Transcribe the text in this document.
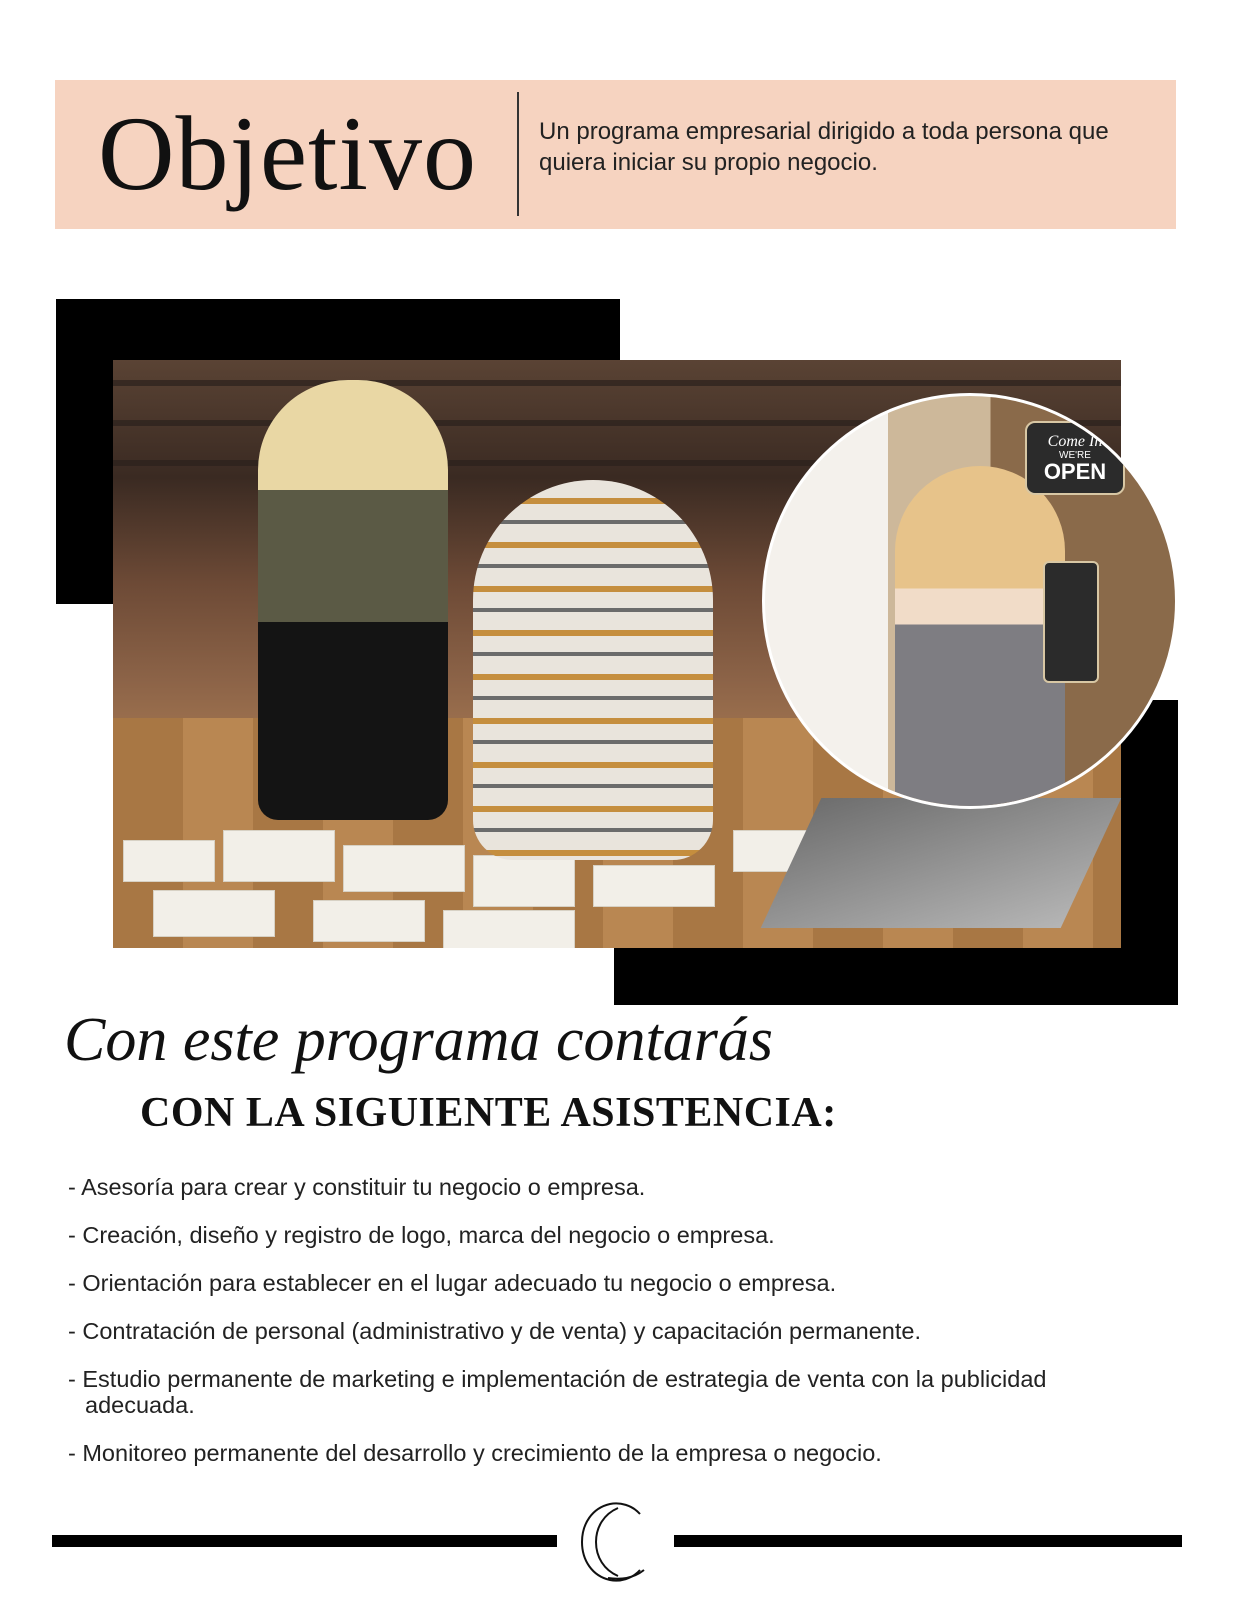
Objetivo	Un programa empresarial dirigido a toda persona que quiera iniciar su propio negocio.

Come In
WE'RE
OPEN
Con este programa contarás
CON LA SIGUIENTE ASISTENCIA:
- Asesoría para crear y constituir tu negocio o empresa.
- Creación, diseño y registro de logo, marca del negocio o empresa.
- Orientación para establecer en el lugar adecuado tu negocio o empresa.
- Contratación de personal (administrativo y de venta) y capacitación permanente.
- Estudio permanente de marketing e implementación de estrategia de venta con la publicidad adecuada.
- Monitoreo permanente del desarrollo y crecimiento de la empresa o negocio.
